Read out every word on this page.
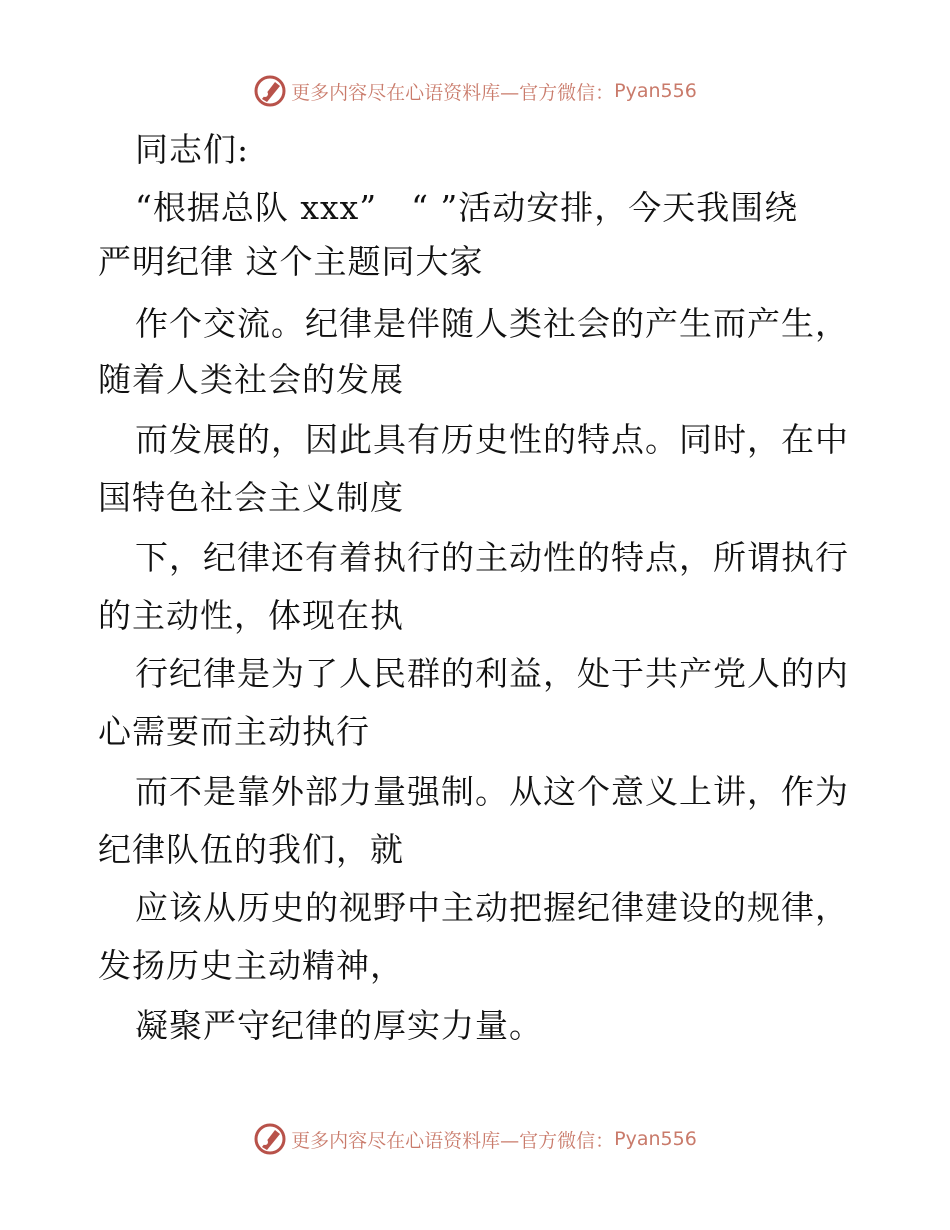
更多内容尽在心语资料库—官方微信： Pyan556
同志们:
“根据总队 xxx”　“ ”活动安排，今天我围绕
严明纪律 这个主题同大家
作个交流。纪律是伴随人类社会的产生而产生，
随着人类社会的发展
而发展的，因此具有历史性的特点。同时，在中
国特色社会主义制度
下，纪律还有着执行的主动性的特点，所谓执行
的主动性，体现在执
行纪律是为了人民群的利益，处于共产党人的内
心需要而主动执行
而不是靠外部力量强制。从这个意义上讲，作为
纪律队伍的我们，就
应该从历史的视野中主动把握纪律建设的规律，
发扬历史主动精神，
凝聚严守纪律的厚实力量。
更多内容尽在心语资料库—官方微信： Pyan556
